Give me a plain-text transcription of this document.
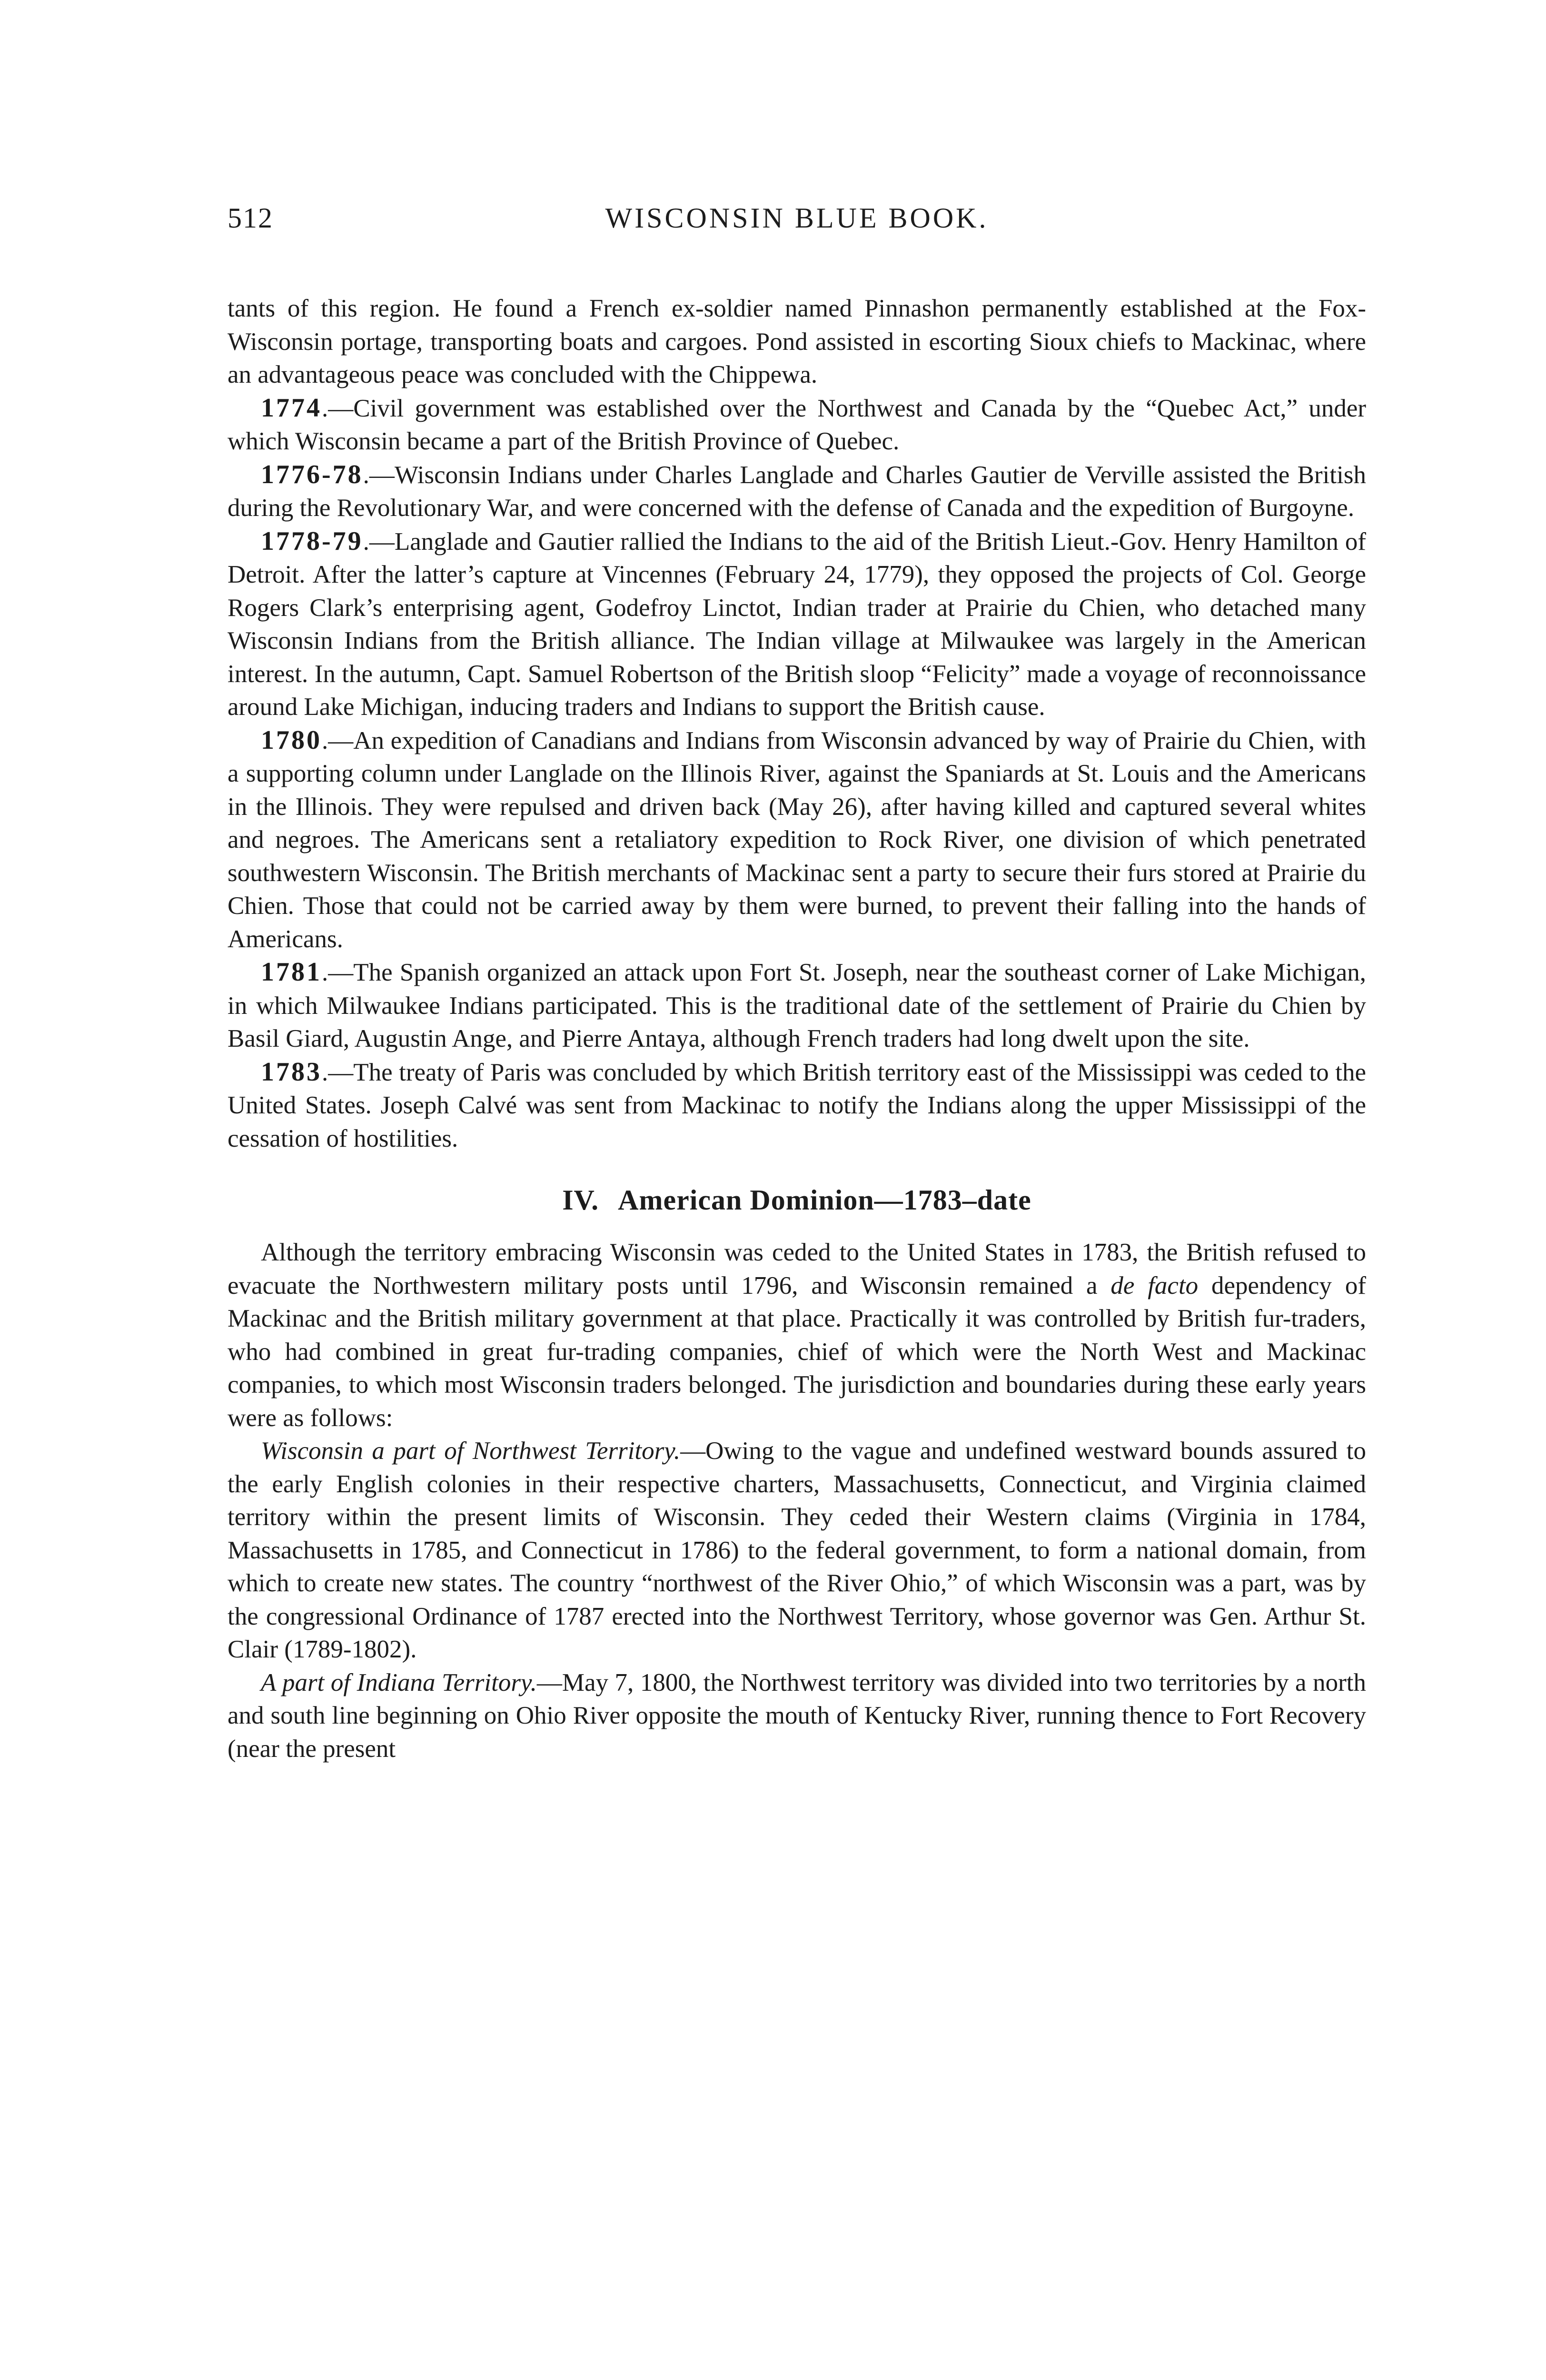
512	WISCONSIN BLUE BOOK.

tants of this region. He found a French ex-soldier named Pinnashon permanently established at the Fox-Wisconsin portage, transporting boats and cargoes. Pond assisted in escorting Sioux chiefs to Mackinac, where an advantageous peace was concluded with the Chippewa.

1774.—Civil government was established over the Northwest and Canada by the “Quebec Act,” under which Wisconsin became a part of the British Province of Quebec.

1776-78.—Wisconsin Indians under Charles Langlade and Charles Gautier de Verville assisted the British during the Revolutionary War, and were concerned with the defense of Canada and the expedition of Burgoyne.

1778-79.—Langlade and Gautier rallied the Indians to the aid of the British Lieut.-Gov. Henry Hamilton of Detroit. After the latter’s capture at Vincennes (February 24, 1779), they opposed the projects of Col. George Rogers Clark’s enterprising agent, Godefroy Linctot, Indian trader at Prairie du Chien, who detached many Wisconsin Indians from the British alliance. The Indian village at Milwaukee was largely in the American interest. In the autumn, Capt. Samuel Robertson of the British sloop “Felicity” made a voyage of reconnoissance around Lake Michigan, inducing traders and Indians to support the British cause.

1780.—An expedition of Canadians and Indians from Wisconsin advanced by way of Prairie du Chien, with a supporting column under Langlade on the Illinois River, against the Spaniards at St. Louis and the Americans in the Illinois. They were repulsed and driven back (May 26), after having killed and captured several whites and negroes. The Americans sent a retaliatory expedition to Rock River, one division of which penetrated southwestern Wisconsin. The British merchants of Mackinac sent a party to secure their furs stored at Prairie du Chien. Those that could not be carried away by them were burned, to prevent their falling into the hands of Americans.

1781.—The Spanish organized an attack upon Fort St. Joseph, near the southeast corner of Lake Michigan, in which Milwaukee Indians participated. This is the traditional date of the settlement of Prairie du Chien by Basil Giard, Augustin Ange, and Pierre Antaya, although French traders had long dwelt upon the site.

1783.—The treaty of Paris was concluded by which British territory east of the Mississippi was ceded to the United States. Joseph Calvé was sent from Mackinac to notify the Indians along the upper Mississippi of the cessation of hostilities.

IV. American Dominion—1783–date

Although the territory embracing Wisconsin was ceded to the United States in 1783, the British refused to evacuate the Northwestern military posts until 1796, and Wisconsin remained a de facto dependency of Mackinac and the British military government at that place. Practically it was controlled by British fur-traders, who had combined in great fur-trading companies, chief of which were the North West and Mackinac companies, to which most Wisconsin traders belonged. The jurisdiction and boundaries during these early years were as follows:

Wisconsin a part of Northwest Territory.—Owing to the vague and undefined westward bounds assured to the early English colonies in their respective charters, Massachusetts, Connecticut, and Virginia claimed territory within the present limits of Wisconsin. They ceded their Western claims (Virginia in 1784, Massachusetts in 1785, and Connecticut in 1786) to the federal government, to form a national domain, from which to create new states. The country “northwest of the River Ohio,” of which Wisconsin was a part, was by the congressional Ordinance of 1787 erected into the Northwest Territory, whose governor was Gen. Arthur St. Clair (1789-1802).

A part of Indiana Territory.—May 7, 1800, the Northwest territory was divided into two territories by a north and south line beginning on Ohio River opposite the mouth of Kentucky River, running thence to Fort Recovery (near the present
